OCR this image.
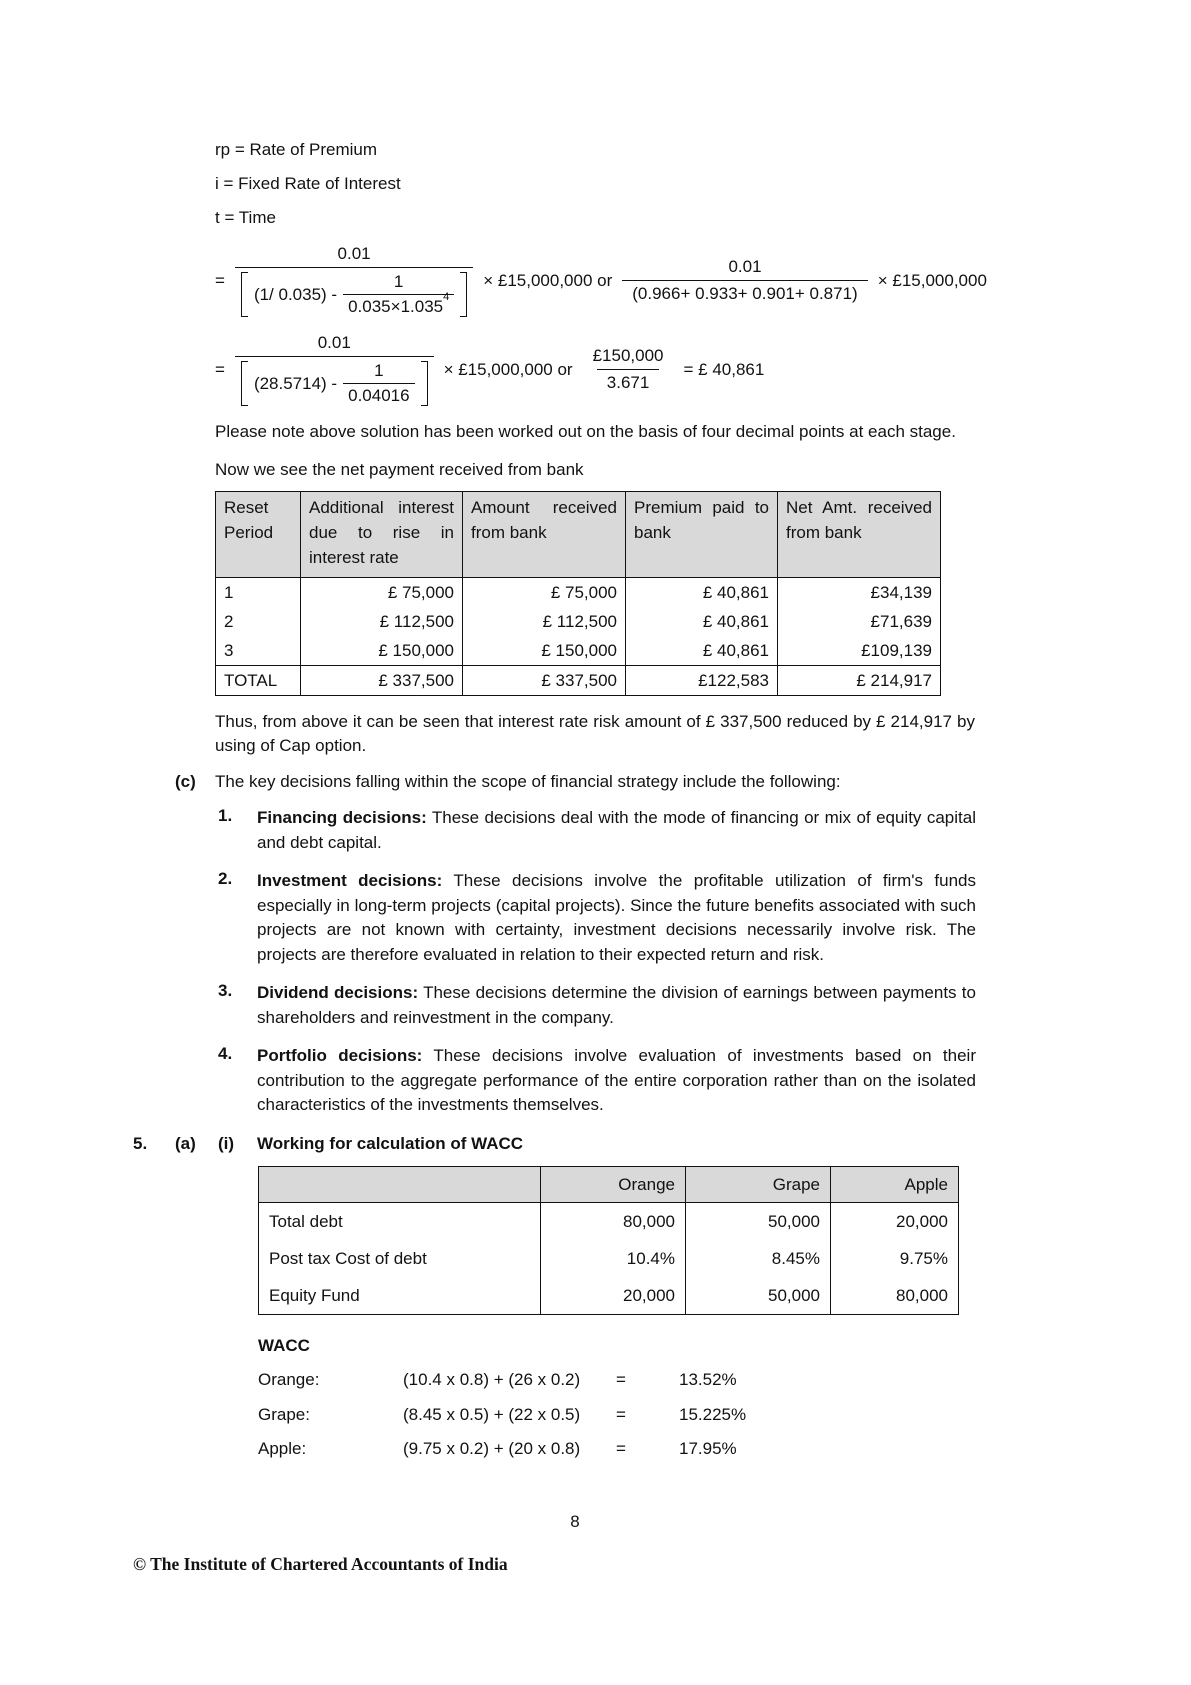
rp = Rate of Premium
i = Fixed Rate of Interest
t = Time
= $\frac{0.01}{(1/ 0.035) - \frac{1}{0.035\times 1.035^4}}$ × £15,000,000 or $\frac{0.01}{(0.966+ 0.933+ 0.901+ 0.871)}$ × £15,000,000
= $\frac{0.01}{(28.5714) - \frac{1}{0.04016}}$ × £15,000,000 or $\frac{£150,000}{3.671}$ = £ 40,861

Please note above solution has been worked out on the basis of four decimal points at each stage.

Now we see the net payment received from bank

Reset Period	Additional interest due to rise in interest rate	Amount received from bank	Premium paid to bank	Net Amt. received from bank
1	£ 75,000	£ 75,000	£ 40,861	£34,139
2	£ 112,500	£ 112,500	£ 40,861	£71,639
3	£ 150,000	£ 150,000	£ 40,861	£109,139
TOTAL	£ 337,500	£ 337,500	£122,583	£ 214,917

Thus, from above it can be seen that interest rate risk amount of £ 337,500 reduced by £ 214,917 by using of Cap option.

(c)	The key decisions falling within the scope of financial strategy include the following:
1.	Financing decisions: These decisions deal with the mode of financing or mix of equity capital and debt capital.
2.	Investment decisions: These decisions involve the profitable utilization of firm's funds especially in long-term projects (capital projects). Since the future benefits associated with such projects are not known with certainty, investment decisions necessarily involve risk. The projects are therefore evaluated in relation to their expected return and risk.
3.	Dividend decisions: These decisions determine the division of earnings between payments to shareholders and reinvestment in the company.
4.	Portfolio decisions: These decisions involve evaluation of investments based on their contribution to the aggregate performance of the entire corporation rather than on the isolated characteristics of the investments themselves.
5.	(a)	(i)	Working for calculation of WACC
	Orange	Grape	Apple
Total debt	80,000	50,000	20,000
Post tax Cost of debt	10.4%	8.45%	9.75%
Equity Fund	20,000	50,000	80,000
WACC
Orange:	(10.4 x 0.8) + (26 x 0.2)	=	13.52%
Grape:	(8.45 x 0.5) + (22 x 0.5)	=	15.225%
Apple:	(9.75 x 0.2) + (20 x 0.8)	=	17.95%
8
© The Institute of Chartered Accountants of India
